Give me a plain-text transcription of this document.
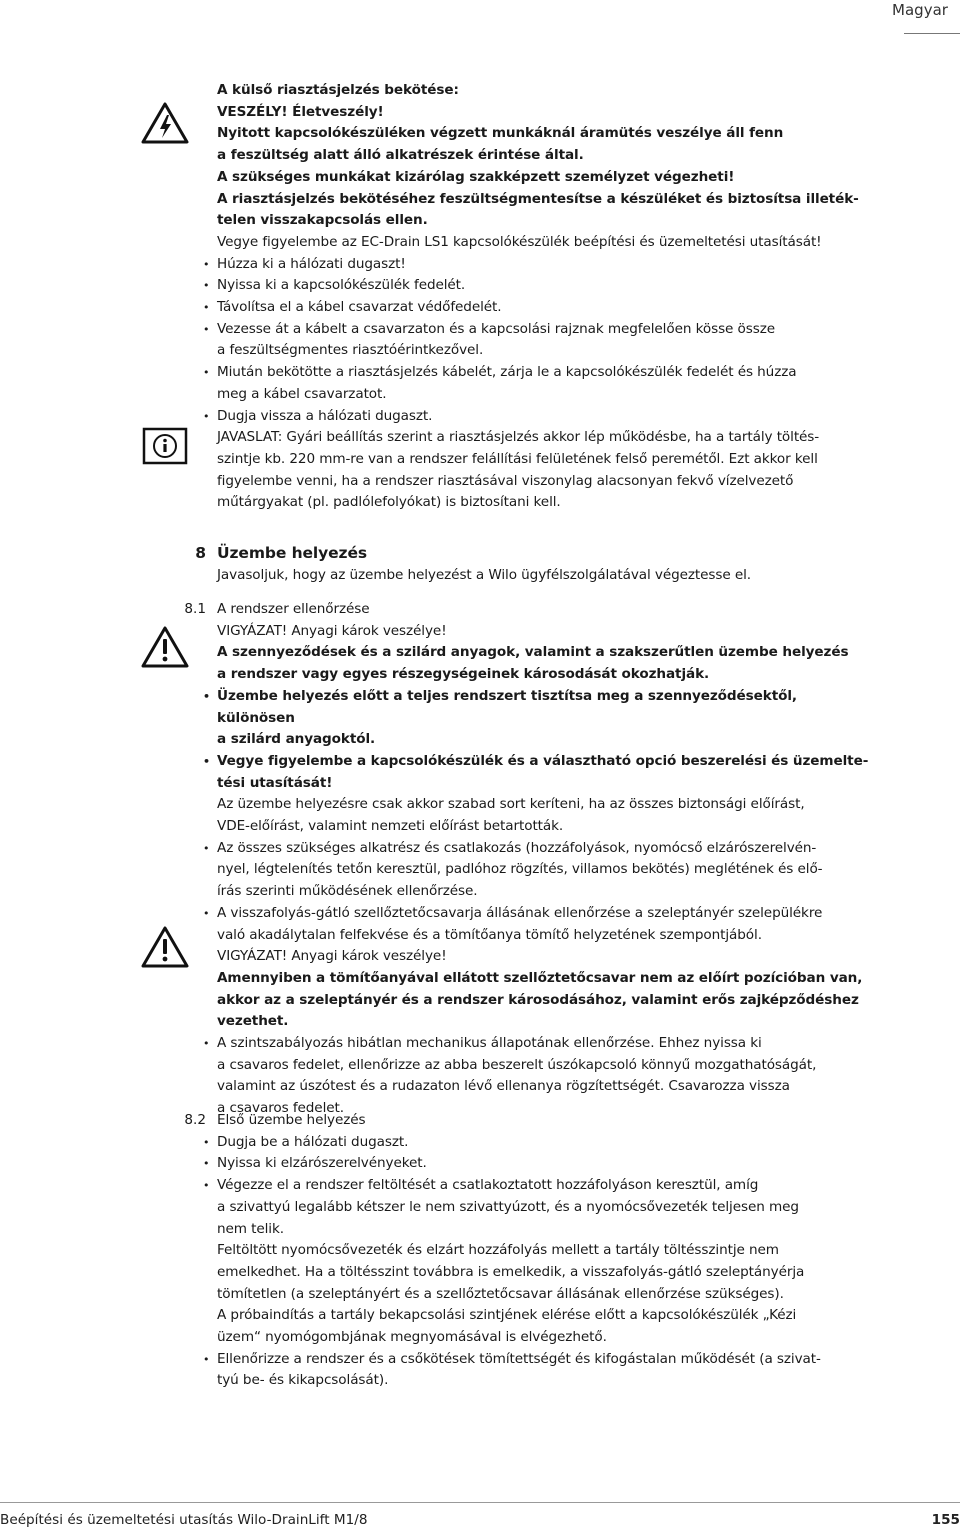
Magyar

A külső riasztásjelzés bekötése:

VESZÉLY! Életveszély!

Nyitott kapcsolókészüléken végzett munkáknál áramütés veszélye áll fenn

a feszültség alatt álló alkatrészek érintése által.

A szükséges munkákat kizárólag szakképzett személyzet végezheti!

A riasztásjelzés bekötéséhez feszültségmentesítse a készüléket és biztosítsa illeték-

telen visszakapcsolás ellen.

Vegye figyelembe az EC-Drain LS1 kapcsolókészülék beépítési és üzemeltetési utasítását!

• Húzza ki a hálózati dugaszt!

• Nyissa ki a kapcsolókészülék fedelét.

• Távolítsa el a kábel csavarzat védőfedelét.

• Vezesse át a kábelt a csavarzaton és a kapcsolási rajznak megfelelően kösse össze

a feszültségmentes riasztóérintkezővel.

• Miután bekötötte a riasztásjelzés kábelét, zárja le a kapcsolókészülék fedelét és húzza

meg a kábel csavarzatot.

• Dugja vissza a hálózati dugaszt.

JAVASLAT: Gyári beállítás szerint a riasztásjelzés akkor lép működésbe, ha a tartály töltés-

szintje kb. 220 mm-re van a rendszer felállítási felületének felső peremétől. Ezt akkor kell

figyelembe venni, ha a rendszer riasztásával viszonylag alacsonyan fekvő vízelvezető

műtárgyakat (pl. padlólefolyókat) is biztosítani kell.

8 Üzembe helyezés

Javasoljuk, hogy az üzembe helyezést a Wilo ügyfélszolgálatával végeztesse el.

8.1 A rendszer ellenőrzése

VIGYÁZAT! Anyagi károk veszélye!

A szennyeződések és a szilárd anyagok, valamint a szakszerűtlen üzembe helyezés

a rendszer vagy egyes részegységeinek károsodását okozhatják.

• Üzembe helyezés előtt a teljes rendszert tisztítsa meg a szennyeződésektől, különösen

a szilárd anyagoktól.

• Vegye figyelembe a kapcsolókészülék és a választható opció beszerelési és üzemelte-

tési utasítását!

Az üzembe helyezésre csak akkor szabad sort keríteni, ha az összes biztonsági előírást,

VDE-előírást, valamint nemzeti előírást betartották.

• Az összes szükséges alkatrész és csatlakozás (hozzáfolyások, nyomócső elzárószerelvén-

nyel, légtelenítés tetőn keresztül, padlóhoz rögzítés, villamos bekötés) meglétének és elő-

írás szerinti működésének ellenőrzése.

• A visszafolyás-gátló szellőztetőcsavarja állásának ellenőrzése a szeleptányér szelepülékre

való akadálytalan felfekvése és a tömítőanya tömítő helyzetének szempontjából.

VIGYÁZAT! Anyagi károk veszélye!

Amennyiben a tömítőanyával ellátott szellőztetőcsavar nem az előírt pozícióban van,

akkor az a szeleptányér és a rendszer károsodásához, valamint erős zajképződéshez

vezethet.

• A szintszabályozás hibátlan mechanikus állapotának ellenőrzése. Ehhez nyissa ki

a csavaros fedelet, ellenőrizze az abba beszerelt úszókapcsoló könnyű mozgathatóságát,

valamint az úszótest és a rudazaton lévő ellenanya rögzítettségét. Csavarozza vissza

a csavaros fedelet.

8.2 Első üzembe helyezés

• Dugja be a hálózati dugaszt.

• Nyissa ki elzárószerelvényeket.

• Végezze el a rendszer feltöltését a csatlakoztatott hozzáfolyáson keresztül, amíg

a szivattyú legalább kétszer le nem szivattyúzott, és a nyomócsővezeték teljesen meg

nem telik.

Feltöltött nyomócsővezeték és elzárt hozzáfolyás mellett a tartály töltésszintje nem

emelkedhet. Ha a töltésszint továbbra is emelkedik, a visszafolyás-gátló szeleptányérja

tömítetlen (a szeleptányért és a szellőztetőcsavar állásának ellenőrzése szükséges).

A próbaindítás a tartály bekapcsolási szintjének elérése előtt a kapcsolókészülék „Kézi

üzem“ nyomógombjának megnyomásával is elvégezhető.

• Ellenőrizze a rendszer és a csőkötések tömítettségét és kifogástalan működését (a szivat-

tyú be- és kikapcsolását).

Beépítési és üzemeltetési utasítás Wilo-DrainLift M1/8	155
